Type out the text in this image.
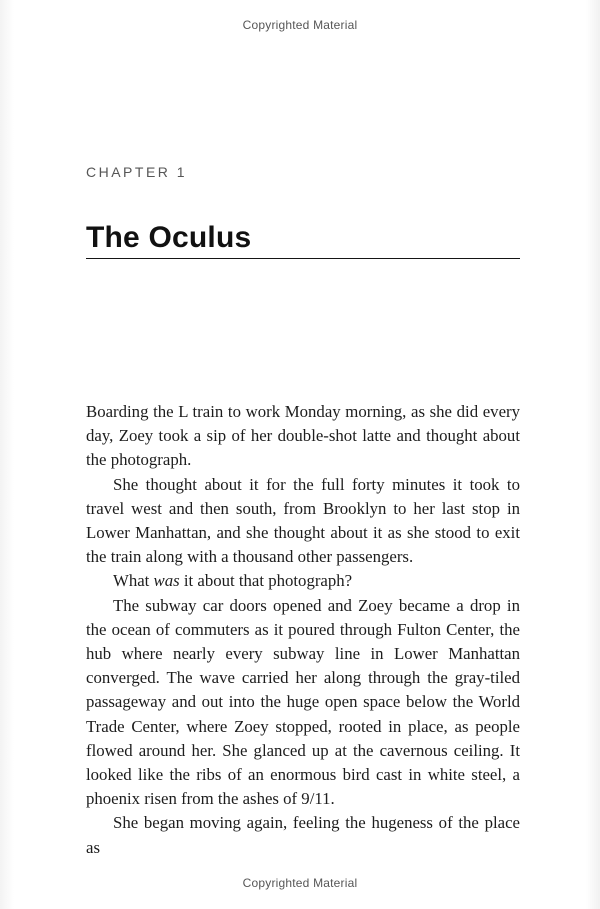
Copyrighted Material
CHAPTER 1
The Oculus

Boarding the L train to work Monday morning, as she did every day, Zoey took a sip of her double-shot latte and thought about the photograph.

She thought about it for the full forty minutes it took to travel west and then south, from Brooklyn to her last stop in Lower Manhattan, and she thought about it as she stood to exit the train along with a thousand other passengers.

What was it about that photograph?

The subway car doors opened and Zoey became a drop in the ocean of commuters as it poured through Fulton Center, the hub where nearly every subway line in Lower Manhattan converged. The wave carried her along through the gray-tiled passageway and out into the huge open space below the World Trade Center, where Zoey stopped, rooted in place, as people flowed around her. She glanced up at the cavernous ceiling. It looked like the ribs of an enormous bird cast in white steel, a phoenix risen from the ashes of 9/11.

She began moving again, feeling the hugeness of the place as

Copyrighted Material
